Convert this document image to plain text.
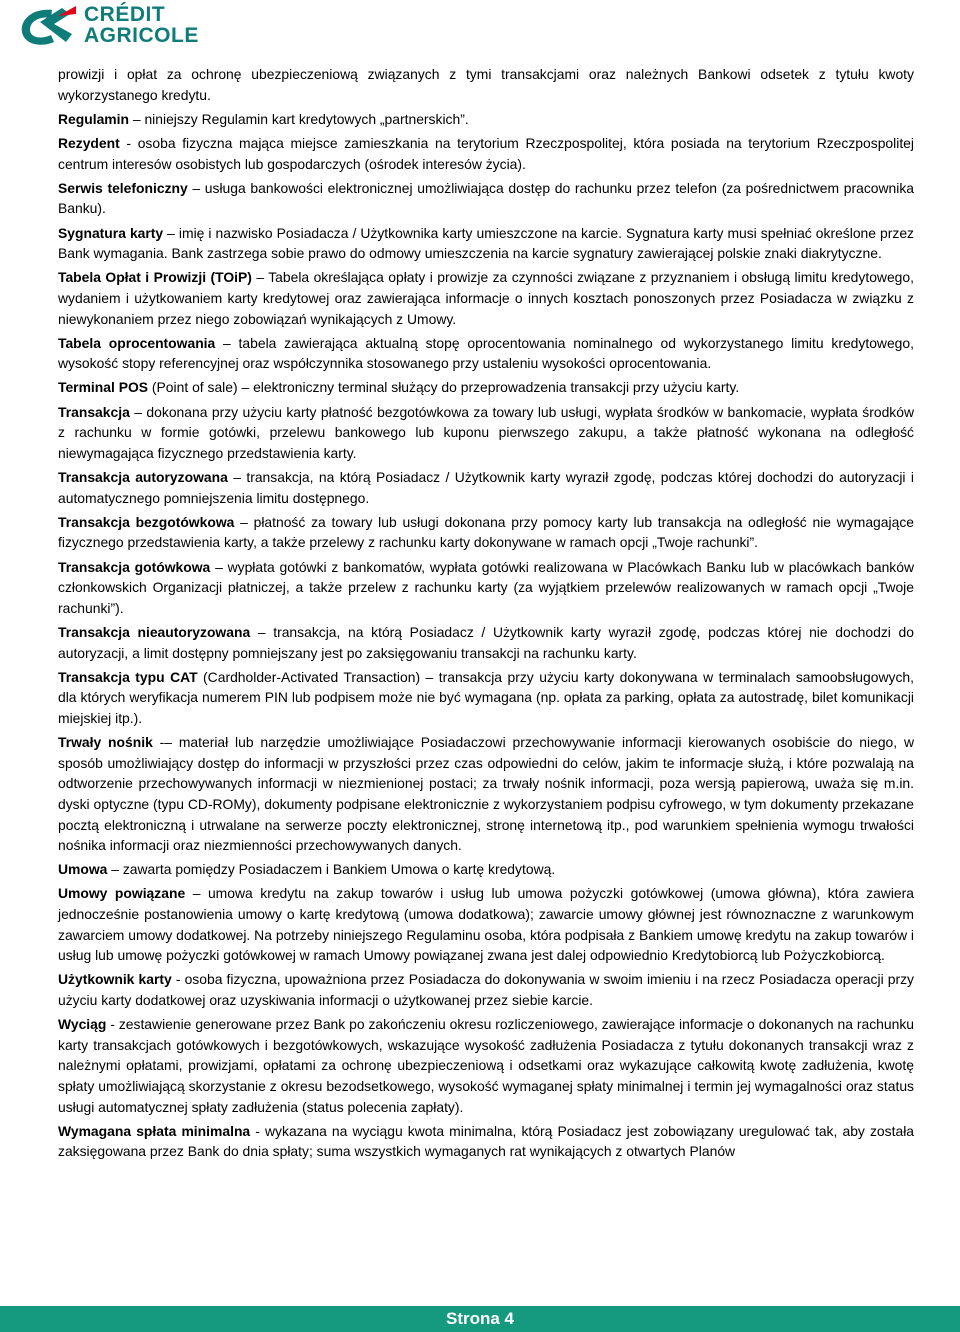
CRÉDIT
AGRICOLE

prowizji i opłat za ochronę ubezpieczeniową związanych z tymi transakcjami oraz należnych Bankowi odsetek z tytułu kwoty wykorzystanego kredytu.

Regulamin – niniejszy Regulamin kart kredytowych „partnerskich”.

Rezydent - osoba fizyczna mająca miejsce zamieszkania na terytorium Rzeczpospolitej, która posiada na terytorium Rzeczpospolitej centrum interesów osobistych lub gospodarczych (ośrodek interesów życia).

Serwis telefoniczny – usługa bankowości elektronicznej umożliwiająca dostęp do rachunku przez telefon (za pośrednictwem pracownika Banku).

Sygnatura karty – imię i nazwisko Posiadacza / Użytkownika karty umieszczone na karcie. Sygnatura karty musi spełniać określone przez Bank wymagania. Bank zastrzega sobie prawo do odmowy umieszczenia na karcie sygnatury zawierającej polskie znaki diakrytyczne.

Tabela Opłat i Prowizji (TOiP) – Tabela określająca opłaty i prowizje za czynności związane z przyznaniem i obsługą limitu kredytowego, wydaniem i użytkowaniem karty kredytowej oraz zawierająca informacje o innych kosztach ponoszonych przez Posiadacza w związku z niewykonaniem przez niego zobowiązań wynikających z Umowy.

Tabela oprocentowania – tabela zawierająca aktualną stopę oprocentowania nominalnego od wykorzystanego limitu kredytowego, wysokość stopy referencyjnej oraz współczynnika stosowanego przy ustaleniu wysokości oprocentowania.

Terminal POS (Point of sale) – elektroniczny terminal służący do przeprowadzenia transakcji przy użyciu karty.

Transakcja – dokonana przy użyciu karty płatność bezgotówkowa za towary lub usługi, wypłata środków w bankomacie, wypłata środków z rachunku w formie gotówki, przelewu bankowego lub kuponu pierwszego zakupu, a także płatność wykonana na odległość niewymagająca fizycznego przedstawienia karty.

Transakcja autoryzowana – transakcja, na którą Posiadacz / Użytkownik karty wyraził zgodę, podczas której dochodzi do autoryzacji i automatycznego pomniejszenia limitu dostępnego.

Transakcja bezgotówkowa – płatność za towary lub usługi dokonana przy pomocy karty lub transakcja na odległość nie wymagające fizycznego przedstawienia karty, a także przelewy z rachunku karty dokonywane w ramach opcji „Twoje rachunki”.

Transakcja gotówkowa – wypłata gotówki z bankomatów, wypłata gotówki realizowana w Placówkach Banku lub w placówkach banków członkowskich Organizacji płatniczej, a także przelew z rachunku karty (za wyjątkiem przelewów realizowanych w ramach opcji „Twoje rachunki”).

Transakcja nieautoryzowana – transakcja, na którą Posiadacz / Użytkownik karty wyraził zgodę, podczas której nie dochodzi do autoryzacji, a limit dostępny pomniejszany jest po zaksięgowaniu transakcji na rachunku karty.

Transakcja typu CAT (Cardholder-Activated Transaction) – transakcja przy użyciu karty dokonywana w terminalach samoobsługowych, dla których weryfikacja numerem PIN lub podpisem może nie być wymagana (np. opłata za parking, opłata za autostradę, bilet komunikacji miejskiej itp.).

Trwały nośnik -– materiał lub narzędzie umożliwiające Posiadaczowi przechowywanie informacji kierowanych osobiście do niego, w sposób umożliwiający dostęp do informacji w przyszłości przez czas odpowiedni do celów, jakim te informacje służą, i które pozwalają na odtworzenie przechowywanych informacji w niezmienionej postaci; za trwały nośnik informacji, poza wersją papierową, uważa się m.in. dyski optyczne (typu CD-ROMy), dokumenty podpisane elektronicznie z wykorzystaniem podpisu cyfrowego, w tym dokumenty przekazane pocztą elektroniczną i utrwalane na serwerze poczty elektronicznej, stronę internetową itp., pod warunkiem spełnienia wymogu trwałości nośnika informacji oraz niezmienności przechowywanych danych.

Umowa – zawarta pomiędzy Posiadaczem i Bankiem Umowa o kartę kredytową.

Umowy powiązane – umowa kredytu na zakup towarów i usług lub umowa pożyczki gotówkowej (umowa główna), która zawiera jednocześnie postanowienia umowy o kartę kredytową (umowa dodatkowa); zawarcie umowy głównej jest równoznaczne z warunkowym zawarciem umowy dodatkowej. Na potrzeby niniejszego Regulaminu osoba, która podpisała z Bankiem umowę kredytu na zakup towarów i usług lub umowę pożyczki gotówkowej w ramach Umowy powiązanej zwana jest dalej odpowiednio Kredytobiorcą lub Pożyczkobiorcą.

Użytkownik karty - osoba fizyczna, upoważniona przez Posiadacza do dokonywania w swoim imieniu i na rzecz Posiadacza operacji przy użyciu karty dodatkowej oraz uzyskiwania informacji o użytkowanej przez siebie karcie.

Wyciąg - zestawienie generowane przez Bank po zakończeniu okresu rozliczeniowego, zawierające informacje o dokonanych na rachunku karty transakcjach gotówkowych i bezgotówkowych, wskazujące wysokość zadłużenia Posiadacza z tytułu dokonanych transakcji wraz z należnymi opłatami, prowizjami, opłatami za ochronę ubezpieczeniową i odsetkami oraz wykazujące całkowitą kwotę zadłużenia, kwotę spłaty umożliwiającą skorzystanie z okresu bezodsetkowego, wysokość wymaganej spłaty minimalnej i termin jej wymagalności oraz status usługi automatycznej spłaty zadłużenia (status polecenia zapłaty).

Wymagana spłata minimalna - wykazana na wyciągu kwota minimalna, którą Posiadacz jest zobowiązany uregulować tak, aby została zaksięgowana przez Bank do dnia spłaty; suma wszystkich wymaganych rat wynikających z otwartych Planów

Strona 4
